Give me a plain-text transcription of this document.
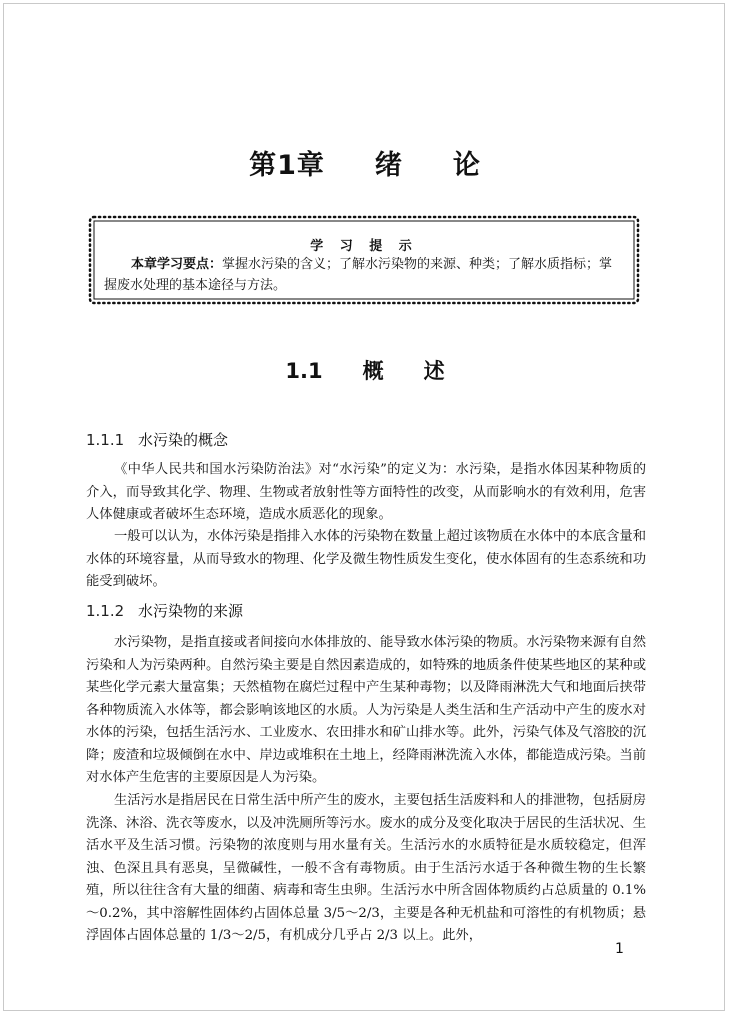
第1章 绪 论
学 习 提 示
本章学习要点：掌握水污染的含义；了解水污染物的来源、种类；了解水质指标；掌握废水处理的基本途径与方法。
1.1 概 述
1.1.1 水污染的概念

《中华人民共和国水污染防治法》对“水污染”的定义为：水污染，是指水体因某种物质的介入，而导致其化学、物理、生物或者放射性等方面特性的改变，从而影响水的有效利用，危害人体健康或者破坏生态环境，造成水质恶化的现象。

一般可以认为，水体污染是指排入水体的污染物在数量上超过该物质在水体中的本底含量和水体的环境容量，从而导致水的物理、化学及微生物性质发生变化，使水体固有的生态系统和功能受到破坏。

1.1.2 水污染物的来源

水污染物，是指直接或者间接向水体排放的、能导致水体污染的物质。水污染物来源有自然污染和人为污染两种。自然污染主要是自然因素造成的，如特殊的地质条件使某些地区的某种或某些化学元素大量富集；天然植物在腐烂过程中产生某种毒物；以及降雨淋洗大气和地面后挟带各种物质流入水体等，都会影响该地区的水质。人为污染是人类生活和生产活动中产生的废水对水体的污染，包括生活污水、工业废水、农田排水和矿山排水等。此外，污染气体及气溶胶的沉降；废渣和垃圾倾倒在水中、岸边或堆积在土地上，经降雨淋洗流入水体，都能造成污染。当前对水体产生危害的主要原因是人为污染。

生活污水是指居民在日常生活中所产生的废水，主要包括生活废料和人的排泄物，包括厨房洗涤、沐浴、洗衣等废水，以及冲洗厕所等污水。废水的成分及变化取决于居民的生活状况、生活水平及生活习惯。污染物的浓度则与用水量有关。生活污水的水质特征是水质较稳定，但浑浊、色深且具有恶臭，呈微碱性，一般不含有毒物质。由于生活污水适于各种微生物的生长繁殖，所以往往含有大量的细菌、病毒和寄生虫卵。生活污水中所含固体物质约占总质量的 0.1%～0.2%，其中溶解性固体约占固体总量 3/5～2/3，主要是各种无机盐和可溶性的有机物质；悬浮固体占固体总量的 1/3～2/5，有机成分几乎占 2/3 以上。此外，

1
